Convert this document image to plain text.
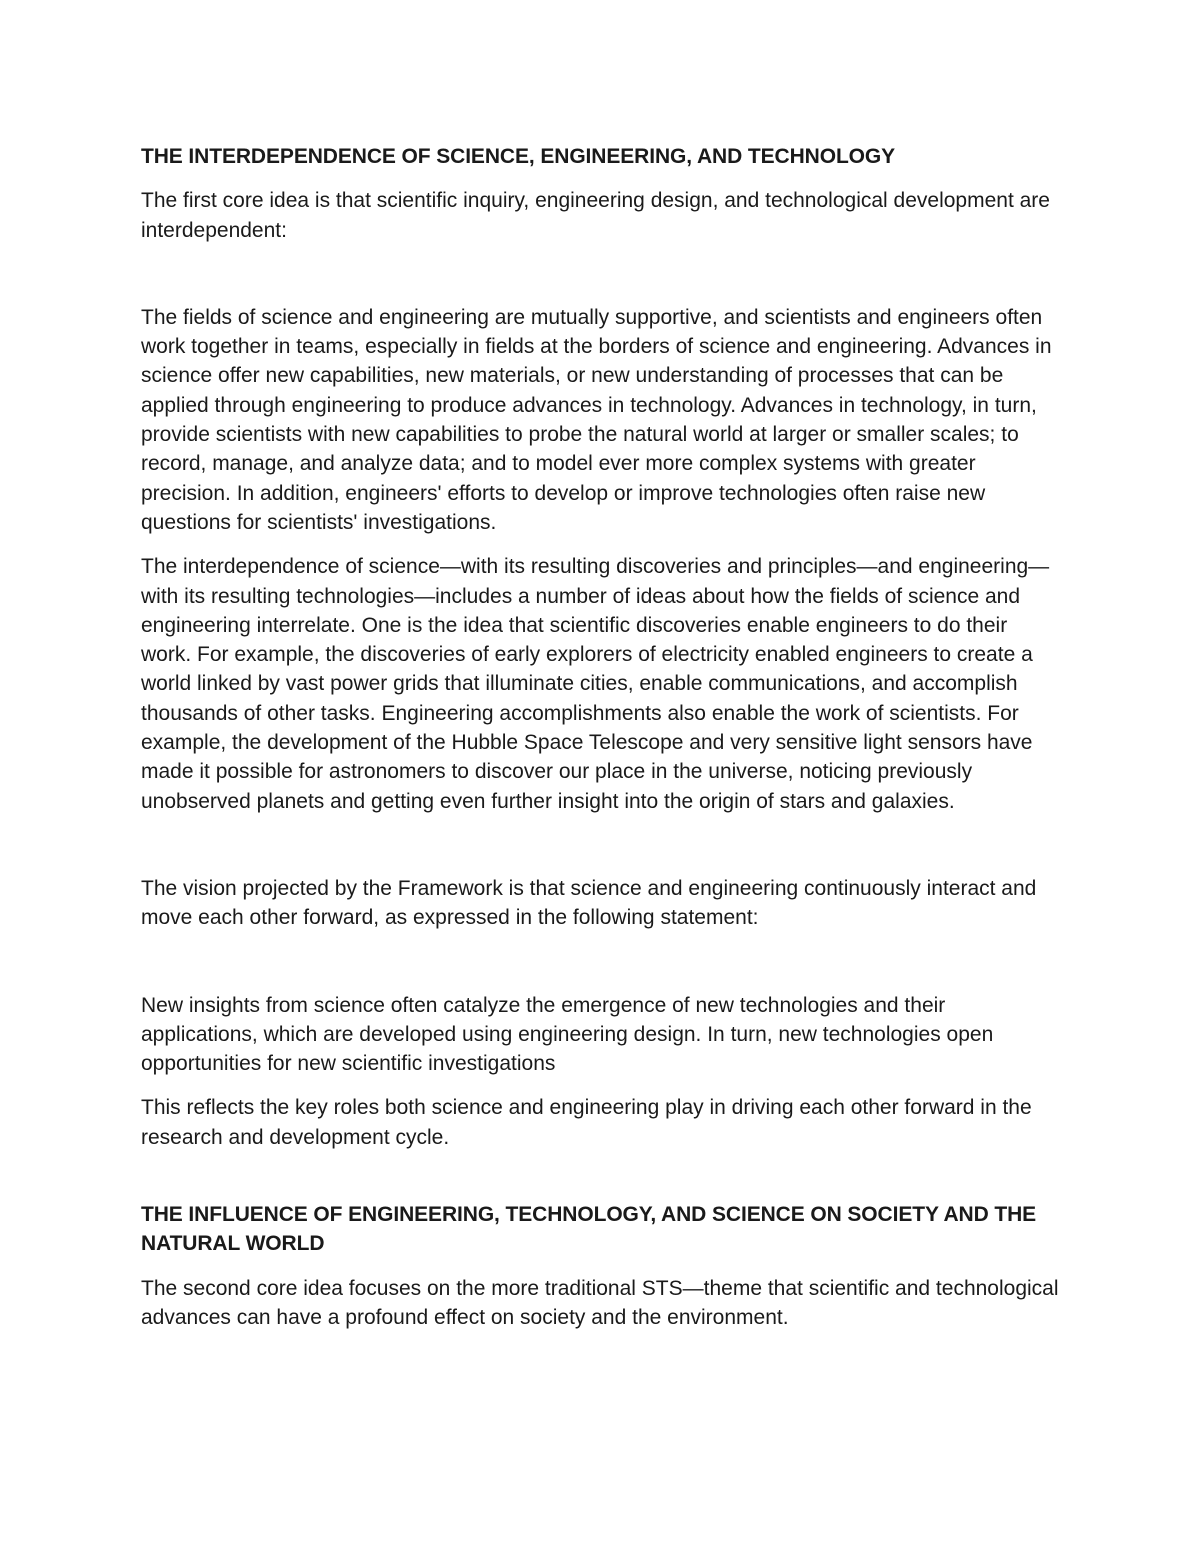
THE INTERDEPENDENCE OF SCIENCE, ENGINEERING, AND TECHNOLOGY

The first core idea is that scientific inquiry, engineering design, and technological development are interdependent:

The fields of science and engineering are mutually supportive, and scientists and engineers often work together in teams, especially in fields at the borders of science and engineering. Advances in science offer new capabilities, new materials, or new understanding of processes that can be applied through engineering to produce advances in technology. Advances in technology, in turn, provide scientists with new capabilities to probe the natural world at larger or smaller scales; to record, manage, and analyze data; and to model ever more complex systems with greater precision. In addition, engineers' efforts to develop or improve technologies often raise new questions for scientists' investigations.

The interdependence of science—with its resulting discoveries and principles—and engineering—with its resulting technologies—includes a number of ideas about how the fields of science and engineering interrelate. One is the idea that scientific discoveries enable engineers to do their work. For example, the discoveries of early explorers of electricity enabled engineers to create a world linked by vast power grids that illuminate cities, enable communications, and accomplish thousands of other tasks. Engineering accomplishments also enable the work of scientists. For example, the development of the Hubble Space Telescope and very sensitive light sensors have made it possible for astronomers to discover our place in the universe, noticing previously unobserved planets and getting even further insight into the origin of stars and galaxies.

The vision projected by the Framework is that science and engineering continuously interact and move each other forward, as expressed in the following statement:

New insights from science often catalyze the emergence of new technologies and their applications, which are developed using engineering design. In turn, new technologies open opportunities for new scientific investigations

This reflects the key roles both science and engineering play in driving each other forward in the research and development cycle.

THE INFLUENCE OF ENGINEERING, TECHNOLOGY, AND SCIENCE ON SOCIETY AND THE NATURAL WORLD

The second core idea focuses on the more traditional STS—theme that scientific and technological advances can have a profound effect on society and the environment.
